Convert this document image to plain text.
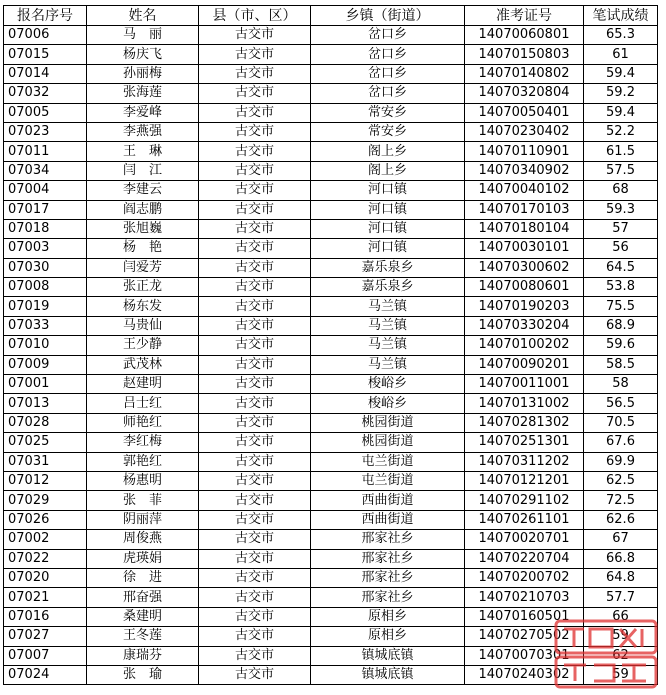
报名序号	姓名	县（市、区）	乡镇（街道）	准考证号	笔试成绩
07006	马　丽	古交市	岔口乡	14070060801	65.3
07015	杨庆飞	古交市	岔口乡	14070150803	61
07014	孙丽梅	古交市	岔口乡	14070140802	59.4
07032	张海莲	古交市	岔口乡	14070320804	59.2
07005	李爱峰	古交市	常安乡	14070050401	59.4
07023	李燕强	古交市	常安乡	14070230402	52.2
07011	王　琳	古交市	阁上乡	14070110901	61.5
07034	闫　江	古交市	阁上乡	14070340902	57.5
07004	李建云	古交市	河口镇	14070040102	68
07017	阎志鹏	古交市	河口镇	14070170103	59.3
07018	张旭巍	古交市	河口镇	14070180104	57
07003	杨　艳	古交市	河口镇	14070030101	56
07030	闫爱芳	古交市	嘉乐泉乡	14070300602	64.5
07008	张正龙	古交市	嘉乐泉乡	14070080601	53.8
07019	杨东发	古交市	马兰镇	14070190203	75.5
07033	马贵仙	古交市	马兰镇	14070330204	68.9
07010	王少静	古交市	马兰镇	14070100202	59.6
07009	武茂林	古交市	马兰镇	14070090201	58.5
07001	赵建明	古交市	梭峪乡	14070011001	58
07013	吕士红	古交市	梭峪乡	14070131002	56.5
07028	师艳红	古交市	桃园街道	14070281302	70.5
07025	李红梅	古交市	桃园街道	14070251301	67.6
07031	郭艳红	古交市	屯兰街道	14070311202	69.9
07012	杨惠明	古交市	屯兰街道	14070121201	62.5
07029	张　菲	古交市	西曲街道	14070291102	72.5
07026	阴丽萍	古交市	西曲街道	14070261101	62.6
07002	周俊燕	古交市	邢家社乡	14070020701	67
07022	虎瑛娟	古交市	邢家社乡	14070220704	66.8
07020	徐　进	古交市	邢家社乡	14070200702	64.8
07021	邢奋强	古交市	邢家社乡	14070210703	57.7
07016	桑建明	古交市	原相乡	14070160501	66
07027	王冬莲	古交市	原相乡	14070270502	59
07007	康瑞芬	古交市	镇城底镇	14070070301	62
07024	张　瑜	古交市	镇城底镇	14070240302	59
